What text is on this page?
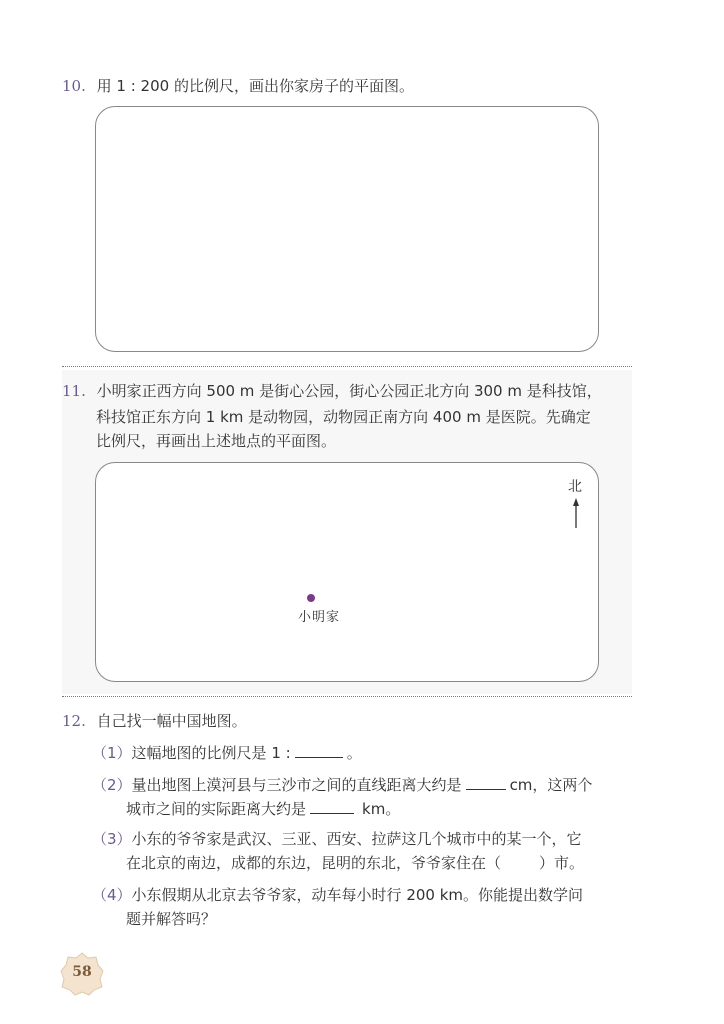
10. 用 1 : 200 的比例尺，画出你家房子的平面图。
11. 小明家正西方向 500 m 是街心公园，街心公园正北方向 300 m 是科技馆，
科技馆正东方向 1 km 是动物园，动物园正南方向 400 m 是医院。先确定
比例尺，再画出上述地点的平面图。
北
小明家
12. 自己找一幅中国地图。
（1）这幅地图的比例尺是 1 :	。
（2）量出地图上漠河县与三沙市之间的直线距离大约是	cm，这两个
城市之间的实际距离大约是	km。
（3）小东的爷爷家是武汉、三亚、西安、拉萨这几个城市中的某一个，它
在北京的南边，成都的东边，昆明的东北，爷爷家住在（	）市。
（4）小东假期从北京去爷爷家，动车每小时行 200 km。你能提出数学问
题并解答吗？
58
